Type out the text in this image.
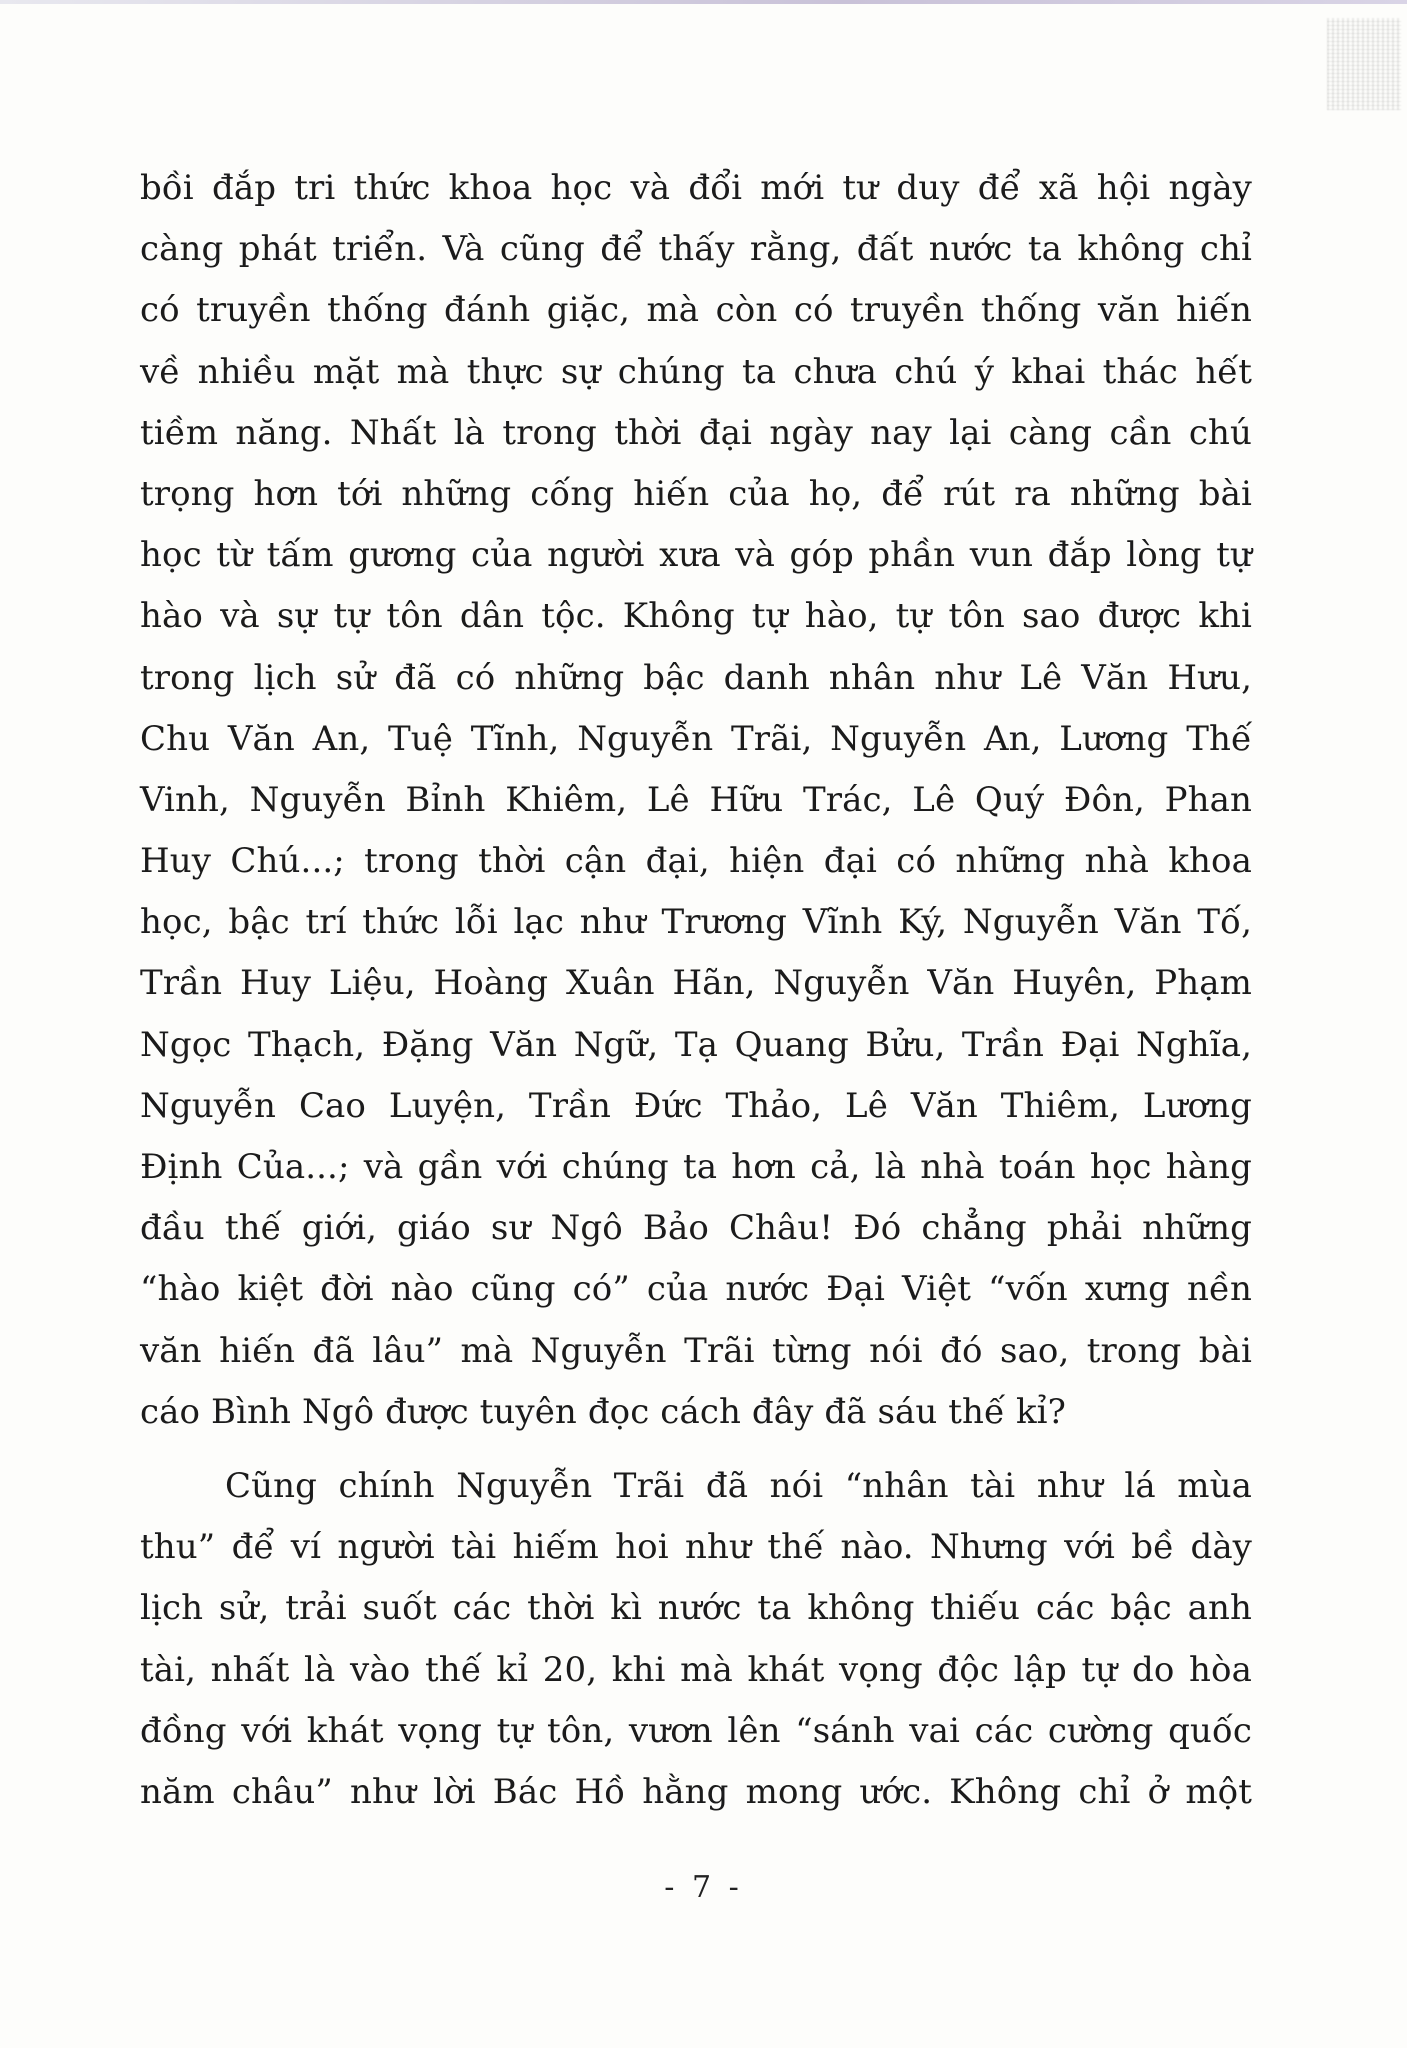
bồi đắp tri thức khoa học và đổi mới tư duy để xã hội ngày
càng phát triển. Và cũng để thấy rằng, đất nước ta không chỉ
có truyền thống đánh giặc, mà còn có truyền thống văn hiến
về nhiều mặt mà thực sự chúng ta chưa chú ý khai thác hết
tiềm năng. Nhất là trong thời đại ngày nay lại càng cần chú
trọng hơn tới những cống hiến của họ, để rút ra những bài
học từ tấm gương của người xưa và góp phần vun đắp lòng tự
hào và sự tự tôn dân tộc. Không tự hào, tự tôn sao được khi
trong lịch sử đã có những bậc danh nhân như Lê Văn Hưu,
Chu Văn An, Tuệ Tĩnh, Nguyễn Trãi, Nguyễn An, Lương Thế
Vinh, Nguyễn Bỉnh Khiêm, Lê Hữu Trác, Lê Quý Đôn, Phan
Huy Chú...; trong thời cận đại, hiện đại có những nhà khoa
học, bậc trí thức lỗi lạc như Trương Vĩnh Ký, Nguyễn Văn Tố,
Trần Huy Liệu, Hoàng Xuân Hãn, Nguyễn Văn Huyên, Phạm
Ngọc Thạch, Đặng Văn Ngữ, Tạ Quang Bửu, Trần Đại Nghĩa,
Nguyễn Cao Luyện, Trần Đức Thảo, Lê Văn Thiêm, Lương
Định Của...; và gần với chúng ta hơn cả, là nhà toán học hàng
đầu thế giới, giáo sư Ngô Bảo Châu! Đó chẳng phải những
“hào kiệt đời nào cũng có” của nước Đại Việt “vốn xưng nền
văn hiến đã lâu” mà Nguyễn Trãi từng nói đó sao, trong bài
cáo Bình Ngô được tuyên đọc cách đây đã sáu thế kỉ?
Cũng chính Nguyễn Trãi đã nói “nhân tài như lá mùa
thu” để ví người tài hiếm hoi như thế nào. Nhưng với bề dày
lịch sử, trải suốt các thời kì nước ta không thiếu các bậc anh
tài, nhất là vào thế kỉ 20, khi mà khát vọng độc lập tự do hòa
đồng với khát vọng tự tôn, vươn lên “sánh vai các cường quốc
năm châu” như lời Bác Hồ hằng mong ước. Không chỉ ở một
- 7 -
